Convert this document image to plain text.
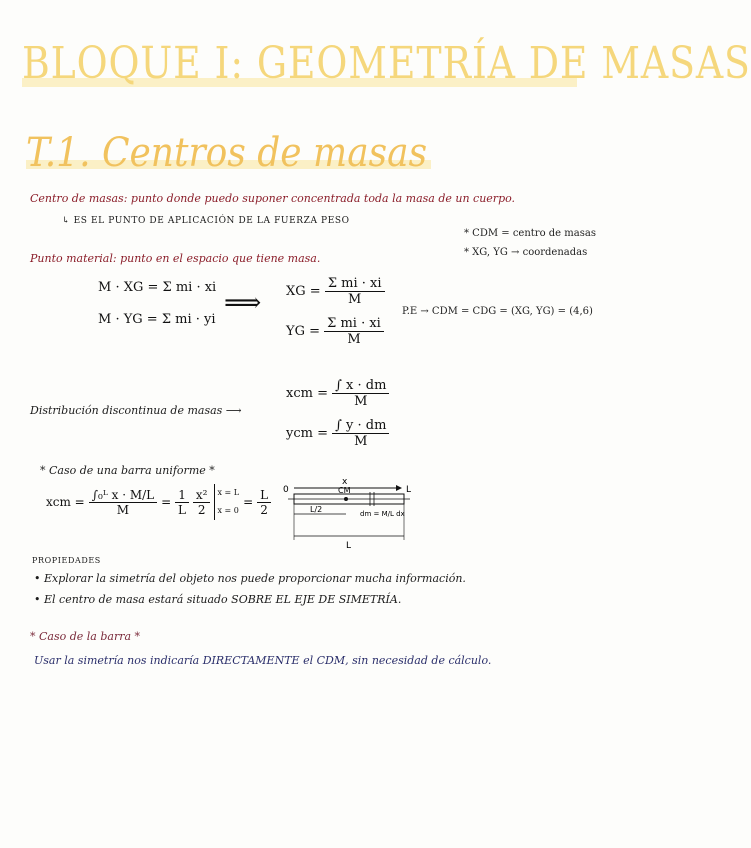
BLOQUE I: GEOMETRÍA DE MASAS
T.1. Centros de masas
Centro de masas: punto donde puedo suponer concentrada toda la masa de un cuerpo.
↳ ES EL PUNTO DE APLICACIÓN DE LA FUERZA PESO
* CDM = centro de masas
* XG, YG → coordenadas
Punto material: punto en el espacio que tiene masa.
M · XG = Σ mi · xi
M · YG = Σ mi · yi
⟹ XG = $\frac{\text{Σ mi · xi}}{M}$
YG = $\frac{\text{Σ mi · xi}}{M}$
P.E → CDM = CDG = (XG, YG) = (4,6)
xcm = $\frac{\int x \cdot dm}{M}$
Distribución discontinua de masas ⟶
ycm = $\frac{\int y \cdot dm}{M}$
* Caso de una barra uniforme *
xcm = $\frac{\text{∫₀ᴸ x · M/L}}{M} = \frac{1}{L} \frac{\text{x²}}{2}$ x = L
x = 0
= $\frac{L}{2}$
x
CM
0	L
L/2	dm = M/L dx
L
PROPIEDADES
• Explorar la simetría del objeto nos puede proporcionar mucha información.
• El centro de masa estará situado SOBRE EL EJE DE SIMETRÍA.
* Caso de la barra *
Usar la simetría nos indicaría DIRECTAMENTE el CDM, sin necesidad de cálculo.
